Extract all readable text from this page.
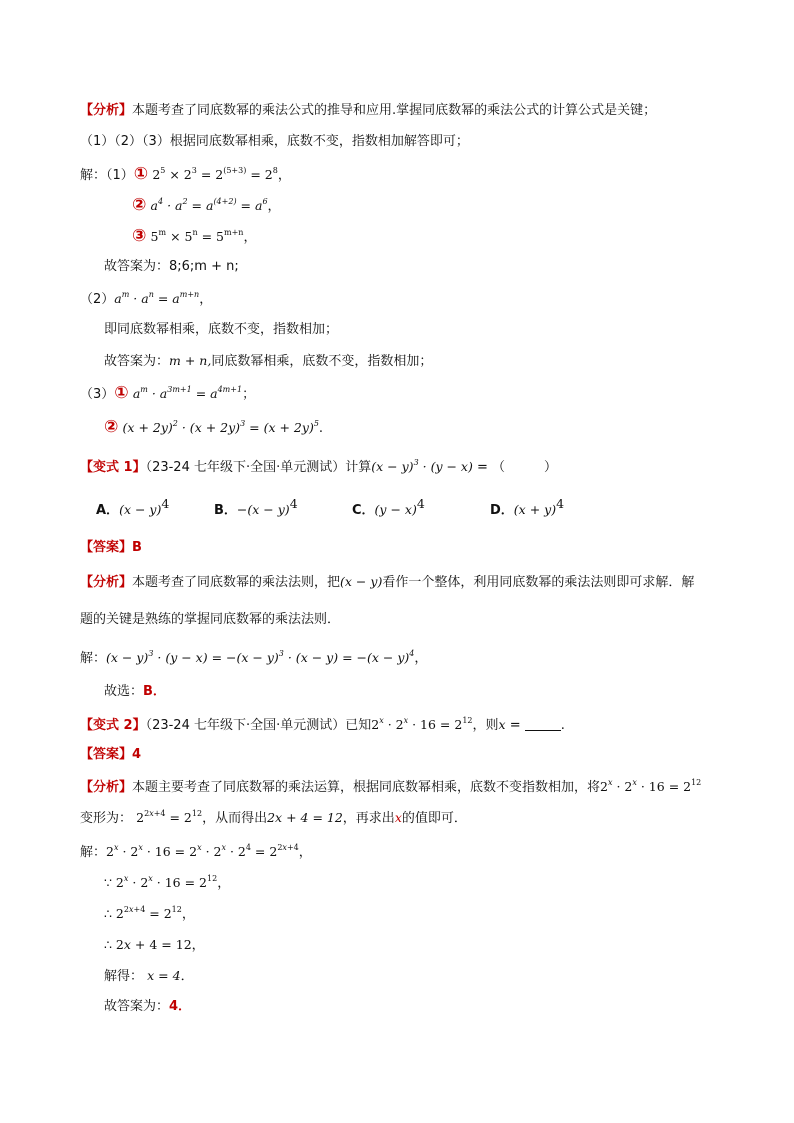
【分析】本题考查了同底数幂的乘法公式的推导和应用.掌握同底数幂的乘法公式的计算公式是关键；
（1）（2）（3）根据同底数幂相乘，底数不变，指数相加解答即可；
解：（1）① $2^5 \times 2^3 = 2^{(5+3)} = 2^8$，
② $a^4 \cdot a^2 = a^{(4+2)} = a^6$，
③ $5^m \times 5^n = 5^{m+n}$，
故答案为：8;6;m + n;
$(2)a^m \cdot a^n = a^{m+n}$，
即同底数幂相乘，底数不变，指数相加；
故答案为：m + n,同底数幂相乘，底数不变，指数相加；
（3）① $a^m \cdot a^{3m+1} = a^{4m+1}$；
② $(x + 2y)^2 \cdot (x + 2y)^3 = (x + 2y)^5$.
【变式 1】（23-24 七年级下·全国·单元测试）计算$(x - y)^3 \cdot (y - x)$ = （　　　）
A．$(x - y)^4$	B．$-(x - y)^4$	C．$(y - x)^4$	D．$(x + y)^4$
【答案】B
【分析】本题考查了同底数幂的乘法法则，把(x − y)看作一个整体，利用同底数幂的乘法法则即可求解．解
题的关键是熟练的掌握同底数幂的乘法法则．
解：$(x - y)^3 \cdot (y - x) = -(x - y)^3 \cdot (x - y) = -(x - y)^4$，
故选：B．
【变式 2】（23-24 七年级下·全国·单元测试）已知$2^x \cdot 2^x \cdot 16 = 2^{12}$，则x =	.
【答案】4
【分析】本题主要考查了同底数幂的乘法运算，根据同底数幂相乘，底数不变指数相加，将$2^x \cdot 2^x \cdot 16 = 2^{12}$
变形为： $2^{2x+4} = 2^{12}$，从而得出2x + 4 = 12，再求出x的值即可．
解：$2^x \cdot 2^x \cdot 16 = 2^x \cdot 2^x \cdot 2^4 = 2^{2x+4}$，
∵ $2^x \cdot 2^x \cdot 16 = 2^{12}$，
∴ $2^{2x+4} = 2^{12}$，
∴ 2x + 4 = 12，
解得： x = 4．
故答案为：4．
